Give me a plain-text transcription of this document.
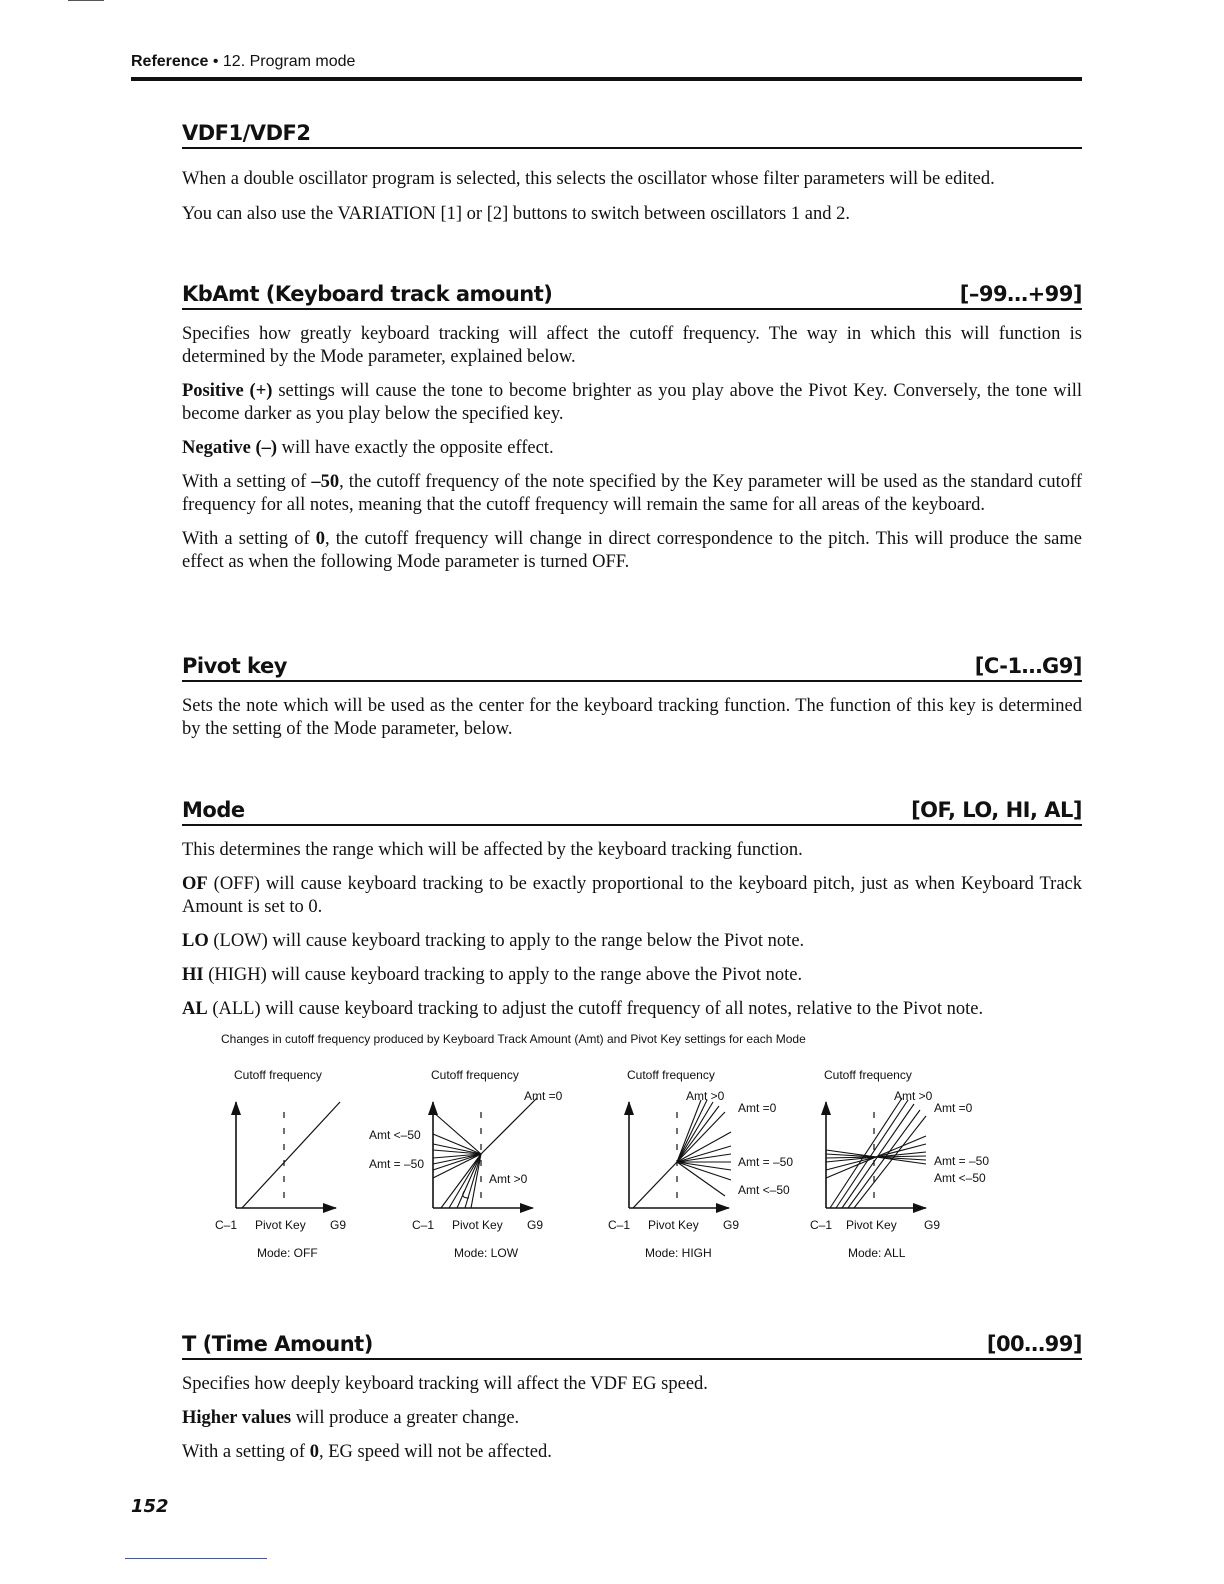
Reference • 12. Program mode
VDF1/VDF2

When a double oscillator program is selected, this selects the oscillator whose filter parameters will be edited.

You can also use the VARIATION [1] or [2] buttons to switch between oscillators 1 and 2.

KbAmt (Keyboard track amount)	[–99…+99]

Specifies how greatly keyboard tracking will affect the cutoff frequency. The way in which this will function is determined by the Mode parameter, explained below.

Positive (+) settings will cause the tone to become brighter as you play above the Pivot Key. Conversely, the tone will become darker as you play below the specified key.

Negative (–) will have exactly the opposite effect.

With a setting of –50, the cutoff frequency of the note specified by the Key parameter will be used as the standard cutoff frequency for all notes, meaning that the cutoff frequency will remain the same for all areas of the keyboard.

With a setting of 0, the cutoff frequency will change in direct correspondence to the pitch. This will produce the same effect as when the following Mode parameter is turned OFF.

Pivot key	[C-1…G9]

Sets the note which will be used as the center for the keyboard tracking function. The function of this key is determined by the setting of the Mode parameter, below.

Mode	[OF, LO, HI, AL]

This determines the range which will be affected by the keyboard tracking function.

OF (OFF) will cause keyboard tracking to be exactly proportional to the keyboard pitch, just as when Keyboard Track Amount is set to 0.

LO (LOW) will cause keyboard tracking to apply to the range below the Pivot note.

HI (HIGH) will cause keyboard tracking to apply to the range above the Pivot note.

AL (ALL) will cause keyboard tracking to adjust the cutoff frequency of all notes, relative to the Pivot note.

Changes in cutoff frequency produced by Keyboard Track Amount (Amt) and Pivot Key settings for each Mode
Cutoff frequency
C–1 Pivot Key G9
Mode: OFF
Cutoff frequency
Amt =0
Amt <–50
Amt = –50
Amt >0
C–1 Pivot Key G9
Mode: LOW
Cutoff frequency
Amt >0
Amt =0
Amt = –50
Amt <–50
C–1 Pivot Key G9
Mode: HIGH
Cutoff frequency
Amt >0
Amt =0
Amt = –50
Amt <–50
C–1 Pivot Key G9
Mode: ALL
T (Time Amount)	[00…99]

Specifies how deeply keyboard tracking will affect the VDF EG speed.

Higher values will produce a greater change.

With a setting of 0, EG speed will not be affected.

152
